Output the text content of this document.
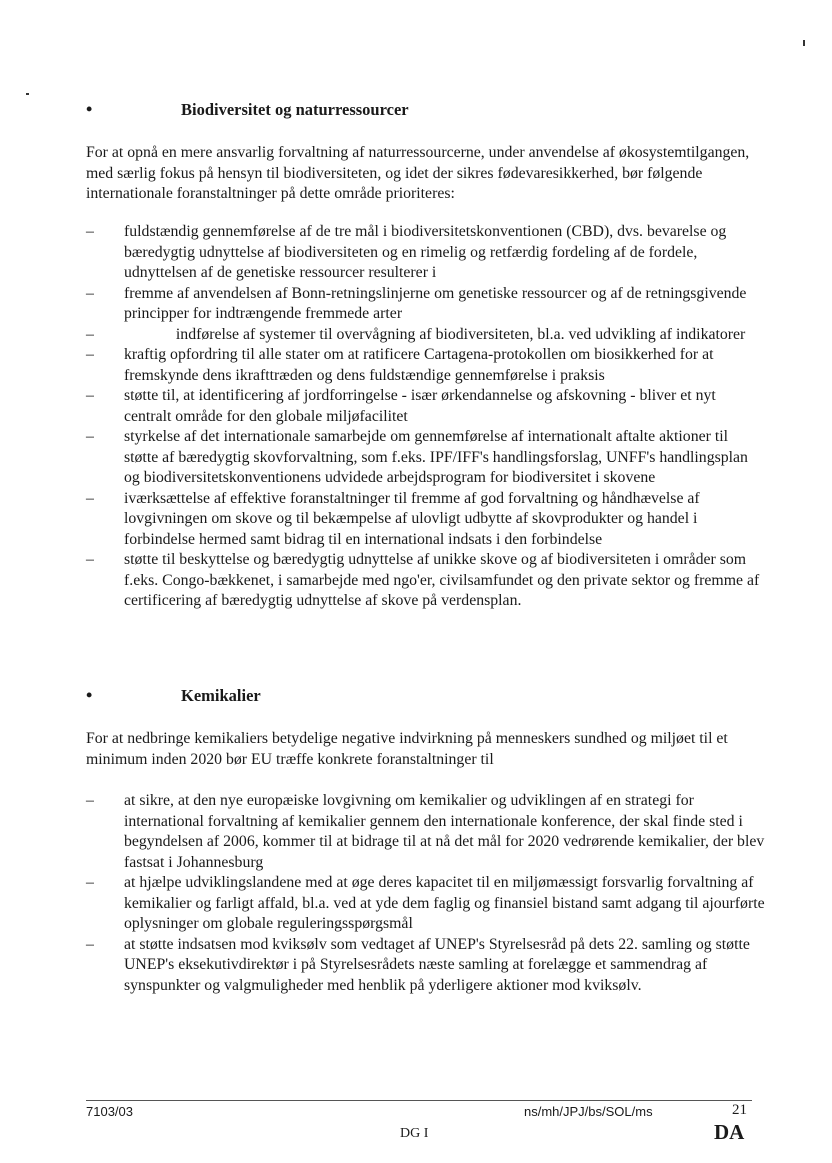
•	Biodiversitet og naturressourcer
For at opnå en mere ansvarlig forvaltning af naturressourcerne, under anvendelse af økosystemtilgangen, med særlig fokus på hensyn til biodiversiteten, og idet der sikres fødevaresikkerhed, bør følgende internationale foranstaltninger på dette område prioriteres:
– fuldstændig gennemførelse af de tre mål i biodiversitetskonventionen (CBD), dvs. bevarelse og bæredygtig udnyttelse af biodiversiteten og en rimelig og retfærdig fordeling af de fordele, udnyttelsen af de genetiske ressourcer resulterer i
– fremme af anvendelsen af Bonn-retningslinjerne om genetiske ressourcer og af de retningsgivende principper for indtrængende fremmede arter
–	indførelse af systemer til overvågning af biodiversiteten, bl.a. ved udvikling af indikatorer
– kraftig opfordring til alle stater om at ratificere Cartagena-protokollen om biosikkerhed for at fremskynde dens ikrafttræden og dens fuldstændige gennemførelse i praksis
– støtte til, at identificering af jordforringelse - især ørkendannelse og afskovning - bliver et nyt centralt område for den globale miljøfacilitet
– styrkelse af det internationale samarbejde om gennemførelse af internationalt aftalte aktioner til støtte af bæredygtig skovforvaltning, som f.eks. IPF/IFF's handlingsforslag, UNFF's handlingsplan og biodiversitetskonventionens udvidede arbejdsprogram for biodiversitet i skovene
– iværksættelse af effektive foranstaltninger til fremme af god forvaltning og håndhævelse af lovgivningen om skove og til bekæmpelse af ulovligt udbytte af skovprodukter og handel i forbindelse hermed samt bidrag til en international indsats i den forbindelse
– støtte til beskyttelse og bæredygtig udnyttelse af unikke skove og af biodiversiteten i områder som f.eks. Congo-bækkenet, i samarbejde med ngo'er, civilsamfundet og den private sektor og fremme af certificering af bæredygtig udnyttelse af skove på verdensplan.
•	Kemikalier
For at nedbringe kemikaliers betydelige negative indvirkning på menneskers sundhed og miljøet til et minimum inden 2020 bør EU træffe konkrete foranstaltninger til
– at sikre, at den nye europæiske lovgivning om kemikalier og udviklingen af en strategi for international forvaltning af kemikalier gennem den internationale konference, der skal finde sted i begyndelsen af 2006, kommer til at bidrage til at nå det mål for 2020 vedrørende kemikalier, der blev fastsat i Johannesburg
– at hjælpe udviklingslandene med at øge deres kapacitet til en miljømæssigt forsvarlig forvaltning af kemikalier og farligt affald, bl.a. ved at yde dem faglig og finansiel bistand samt adgang til ajourførte oplysninger om globale reguleringsspørgsmål
– at støtte indsatsen mod kviksølv som vedtaget af UNEP's Styrelsesråd på dets 22. samling og støtte UNEP's eksekutivdirektør i på Styrelsesrådets næste samling at forelægge et sammendrag af synspunkter og valgmuligheder med henblik på yderligere aktioner mod kviksølv.
7103/03	ns/mh/JPJ/bs/SOL/ms	21
DG I	DA
